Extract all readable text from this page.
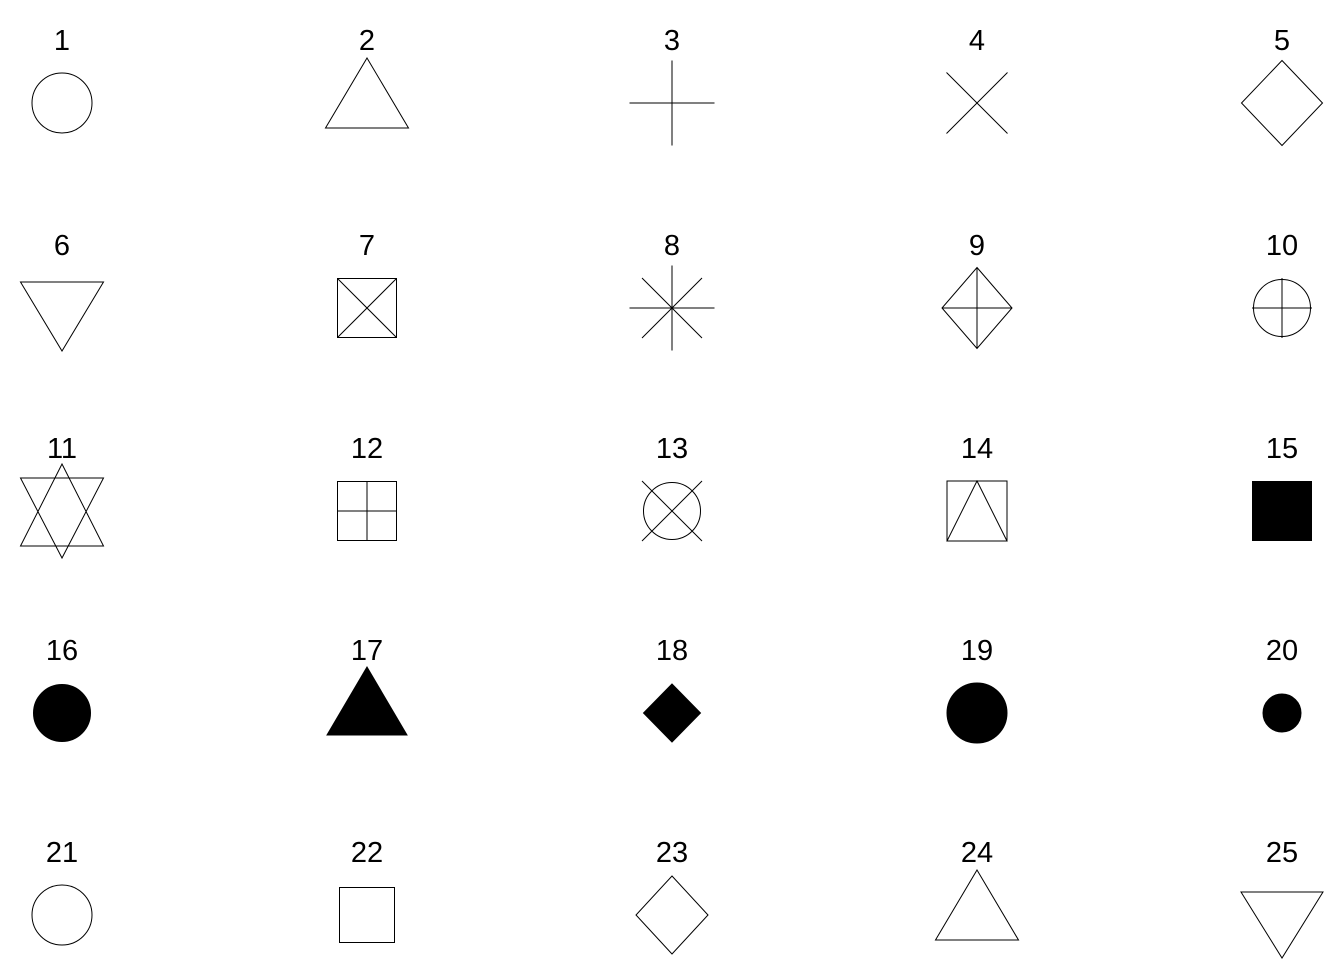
1	2	3	4	5
6	7	8	9	10
11	12	13	14	15
16	17	18	19	20
21	22	23	24	25
